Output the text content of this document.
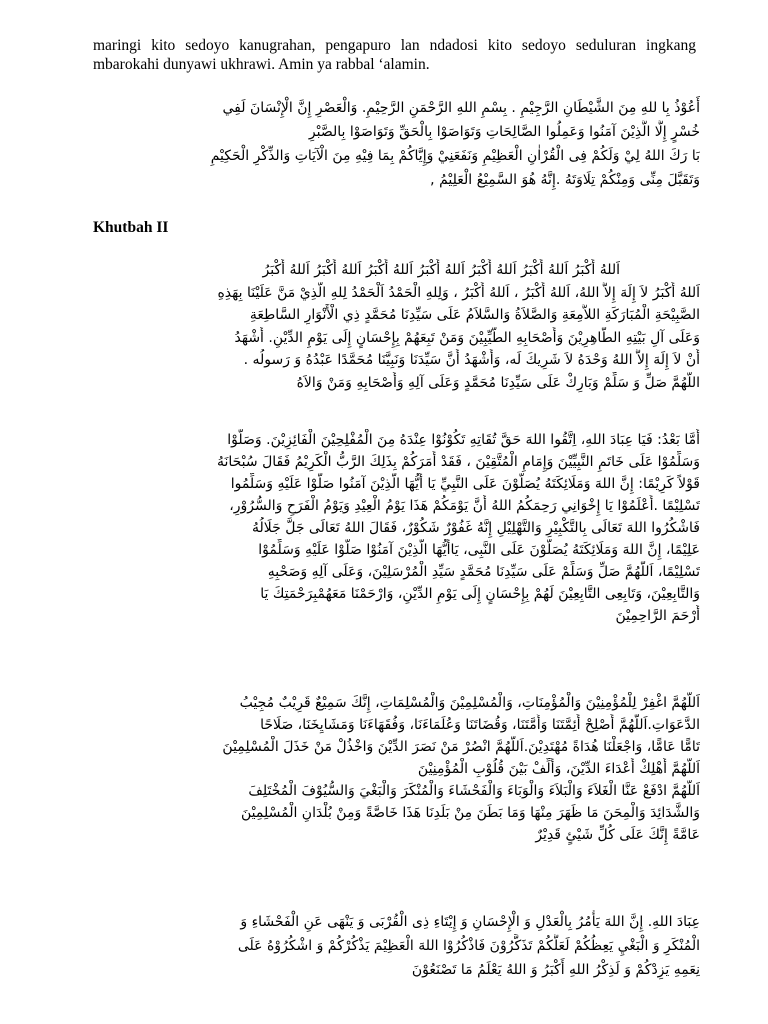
maringi kito sedoyo kanugrahan, pengapuro lan ndadosi kito sedoyo seduluran ingkang mbarokahi dunyawi ukhrawi. Amin ya rabbal ‘alamin.

أَعُوْذُ بِا للهِ مِنَ الشَّيْطَانِ الرَّجِيْمِ . بِسْمِ اللهِ الرَّحْمَنِ الرَّحِيْمِ. وَالْعَصْرِ إِنَّ الْإِنْسَانَ لَفِي
خُسْرٍ إِلَّا الَّذِيْنَ آمَنُوا وَعَمِلُوا الصَّالِحَاتِ وَتَوَاصَوْا بِالْحَقِّ وَتَوَاصَوْا بِالصَّبْرِ
بَا رَكَ اللهُ لِيْ وَلَكُمْ فِى الْقُرْاٰنِ الْعَظِيْمِ وَنَفَعَنِيْ وَإِيَّاكُمْ بِمَا فِيْهِ مِنَ الْآيَاتِ وَالذِّكْرِ الْحَكِيْمِ
وَتَقَبَّلَ مِنِّى وَمِنْكُمْ تِلَاوَتَهُ .إِنَّهُ هُوَ السَّمِيْعُ الْعَلِيْمُ ,

Khutbah II

اَللهُ أَكْبَرُ اَللهُ أَكْبَرُ اَللهُ أَكْبَرُ اَللهُ أَكْبَرُ اَللهُ أَكْبَرُ اَللهُ أَكْبَرُ اَللهُ أَكْبَرُ
اَللهُ أَكْبَرُ لاَ إِلَهَ إِلاَّ اللهُ، اَللهُ أَكْبَرُ ، اَللهُ أَكْبَرُ ، وَلِلهِ الْحَمْدُ اَلْحَمْدُ لِلهِ الَّذِيْ مَنَّ عَلَيْنَا بِهَذِهِ
الصَّبِيْحَةِ الْمُبَارَكَةِ اللاَّمِعَةِ وَالصَّلاَةُ وَالسَّلاَمُ عَلَى سَيِّدِنَا مُحَمَّدٍ ذِي الْأَنْوَارِ السَّاطِعَةِ
وَعَلَى آلِ بَيْتِهِ الطَّاهِرِيْنَ وَأَصْحَابِهِ الطَّيِّبِيْنَ وَمَنْ تَبِعَهُمْ بِإِحْسَانٍ إِلَى يَوْمِ الدِّيْنِ. أَشْهَدُ
أَنْ لاَ إِلَهَ إِلاَّ اللهُ وَحْدَهُ لاَ شَرِيكَ لَه، وَأَشْهَدُ أَنَّ سَيِّدَنَا وَنَبِيَّنَا مُحَمَّدًا عَبْدُهُ وَ رَسولُه .
اللَّهُمَّ صَلِّ وَ سَلِّمْ وَبَارِكْ عَلَى سَيِّدِنَا مُحَمَّدٍ وَعَلَى آلِهِ وَأَصْحَابِهِ وَمَنْ وَالاَهُ
أَمَّا بَعْدُ: فَيَا عِبَادَ اللهِ، اِتَّقُوا اللهَ حَقَّ تُقَاتِهِ تَكُوْنُوْا عِنْدَهُ مِنَ الْمُفْلِحِيْنَ الْفَائِزِيْنَ. وَصَلُّوْا
وَسَلِّمُوْا عَلَى خَاتَمِ النَّبِيِّيْنَ وَإِمَامِ الْمُتَّقِيْنَ ، فَقَدْ أَمَرَكُمْ بِذَلِكَ الرَّبُّ الْكَرِيْمُ فَقَالَ سُبْحَانَهُ
قَوْلاً كَرِيْمًا: إِنَّ اللهَ وَمَلَائِكَتَهُ يُصَلُّوْنَ عَلَى النَّبِيِّ يَا أَيُّهَا الَّذِيْنَ آمَنُوا صَلُّوْا عَلَيْهِ وَسَلِّمُوا
تَسْلِيْمًا .أَعْلَمُوْا يَا إِخْوَانِي رَحِمَكُمُ اللهُ أَنَّ يَوْمَكُمْ هَذَا يَوْمُ الْعِيْدِ وَيَوْمُ الْفَرَحِ وَالسُّرُوْرِ،
فَاشْكُرُوا اللهَ تَعَالَى بِالتَّكْبِيْرِ وَالتَّهْلِيْلِ إِنَّهُ غَفُوْرٌ شَكُوْرٌ، فَقَالَ اللهُ تَعَالَى جَلَّ جَلَالُهُ
عَلِيْمًا، إِنَّ اللهَ وَمَلَائِكَتَهُ يُصَلُّوْنَ عَلَى النَّبِى، يَاأَيُّهَا الَّذِيْنَ آمَنُوْا صَلُّوْا عَلَيْهِ وَسَلِّمُوْا
تَسْلِيْمًا، اَللَّهُمَّ صَلِّ وَسَلِّمْ عَلَى سَيِّدِنَا مُحَمَّدٍ سَيِّدِ الْمُرْسَلِيْنَ، وَعَلَى آلِهِ وَصَحْبِهِ
وَالتَّابِعِيْنَ، وَتَابِعِى التَّابِعِيْنَ لَهُمْ بِإِحْسَانٍ إِلَى يَوْمِ الدِّيْنِ، وَارْحَمْنَا مَعَهُمْبِرَحْمَتِكَ يَا
أَرْحَمَ الرَّاحِمِيْنَ
اَللَّهُمَّ اغْفِرْ لِلْمُؤْمِنِيْنَ وَالْمُؤْمِنَاتِ، وَالْمُسْلِمِيْنَ وَالْمُسْلِمَاتِ، إِنَّكَ سَمِيْعٌ قَرِيْبٌ مُجِيْبُ
الدَّعَوَاتِ.اَللَّهُمَّ أَصْلِحْ أَئِمَّتَنَا وَأُمَّتَنَا، وَقُضَاتَنَا وَعُلَمَاءَنَا، وَفُقَهَاءَنَا وَمَشَايِخَنَا، صَلَاحًا
تَامًّا عَامًّا، وَاجْعَلْنَا هُدَاةً مُهْتَدِيْنَ.اَللَّهُمَّ انْصُرْ مَنْ نَصَرَ الدِّيْنَ وَاخْذُلْ مَنْ خَذَلَ الْمُسْلِمِيْنَ
اَللَّهُمَّ أَهْلِكْ أَعْدَاءَ الدِّيْنَ، وَأَلِّفْ بَيْنَ قُلُوْبِ الْمُؤْمِنِيْنَ
اَللَّهُمَّ ادْفَعْ عَنَّا الْغَلاَءَ وَالْبَلاَءَ وَالْوَبَاءَ وَالْفَحْشَاءَ وَالْمُنْكَرَ وَالْبَغْيَ وَالسُّيُوْفَ الْمُخْتَلِفَ
وَالشَّدَائِدَ وَالْمِحَنَ مَا ظَهَرَ مِنْهَا وَمَا بَطَنَ مِنْ بَلَدِنَا هَذَا خَاصَّةً وَمِنْ بُلْدَانِ الْمُسْلِمِيْنَ
عَامَّةً إِنَّكَ عَلَى كُلِّ شَيْئٍ قَدِيْرٌ
عِبَادَ اللهِ. إِنَّ اللهَ يَأْمُرُ بِالْعَدْلِ وَ الْإِحْسَانِ وَ إِيْتَاءِ ذِى الْقُرْبَى وَ يَنْهَى عَنِ الْفَحْشَاءِ وَ
الْمُنْكَرِ وَ الْبَغْيِ يَعِظُكُمْ لَعَلَّكُمْ تَذَكَّرُوْنَ فَاذْكُرُوْا اللهَ الْعَظِيْمَ يَذْكُرْكُمْ وَ اشْكُرُوْهُ عَلَى
نِعَمِهِ يَزِدْكُمْ وَ لَذِكْرُ اللهِ أَكْبَرُ وَ اللهُ يَعْلَمُ مَا تَصْنَعُوْنَ
